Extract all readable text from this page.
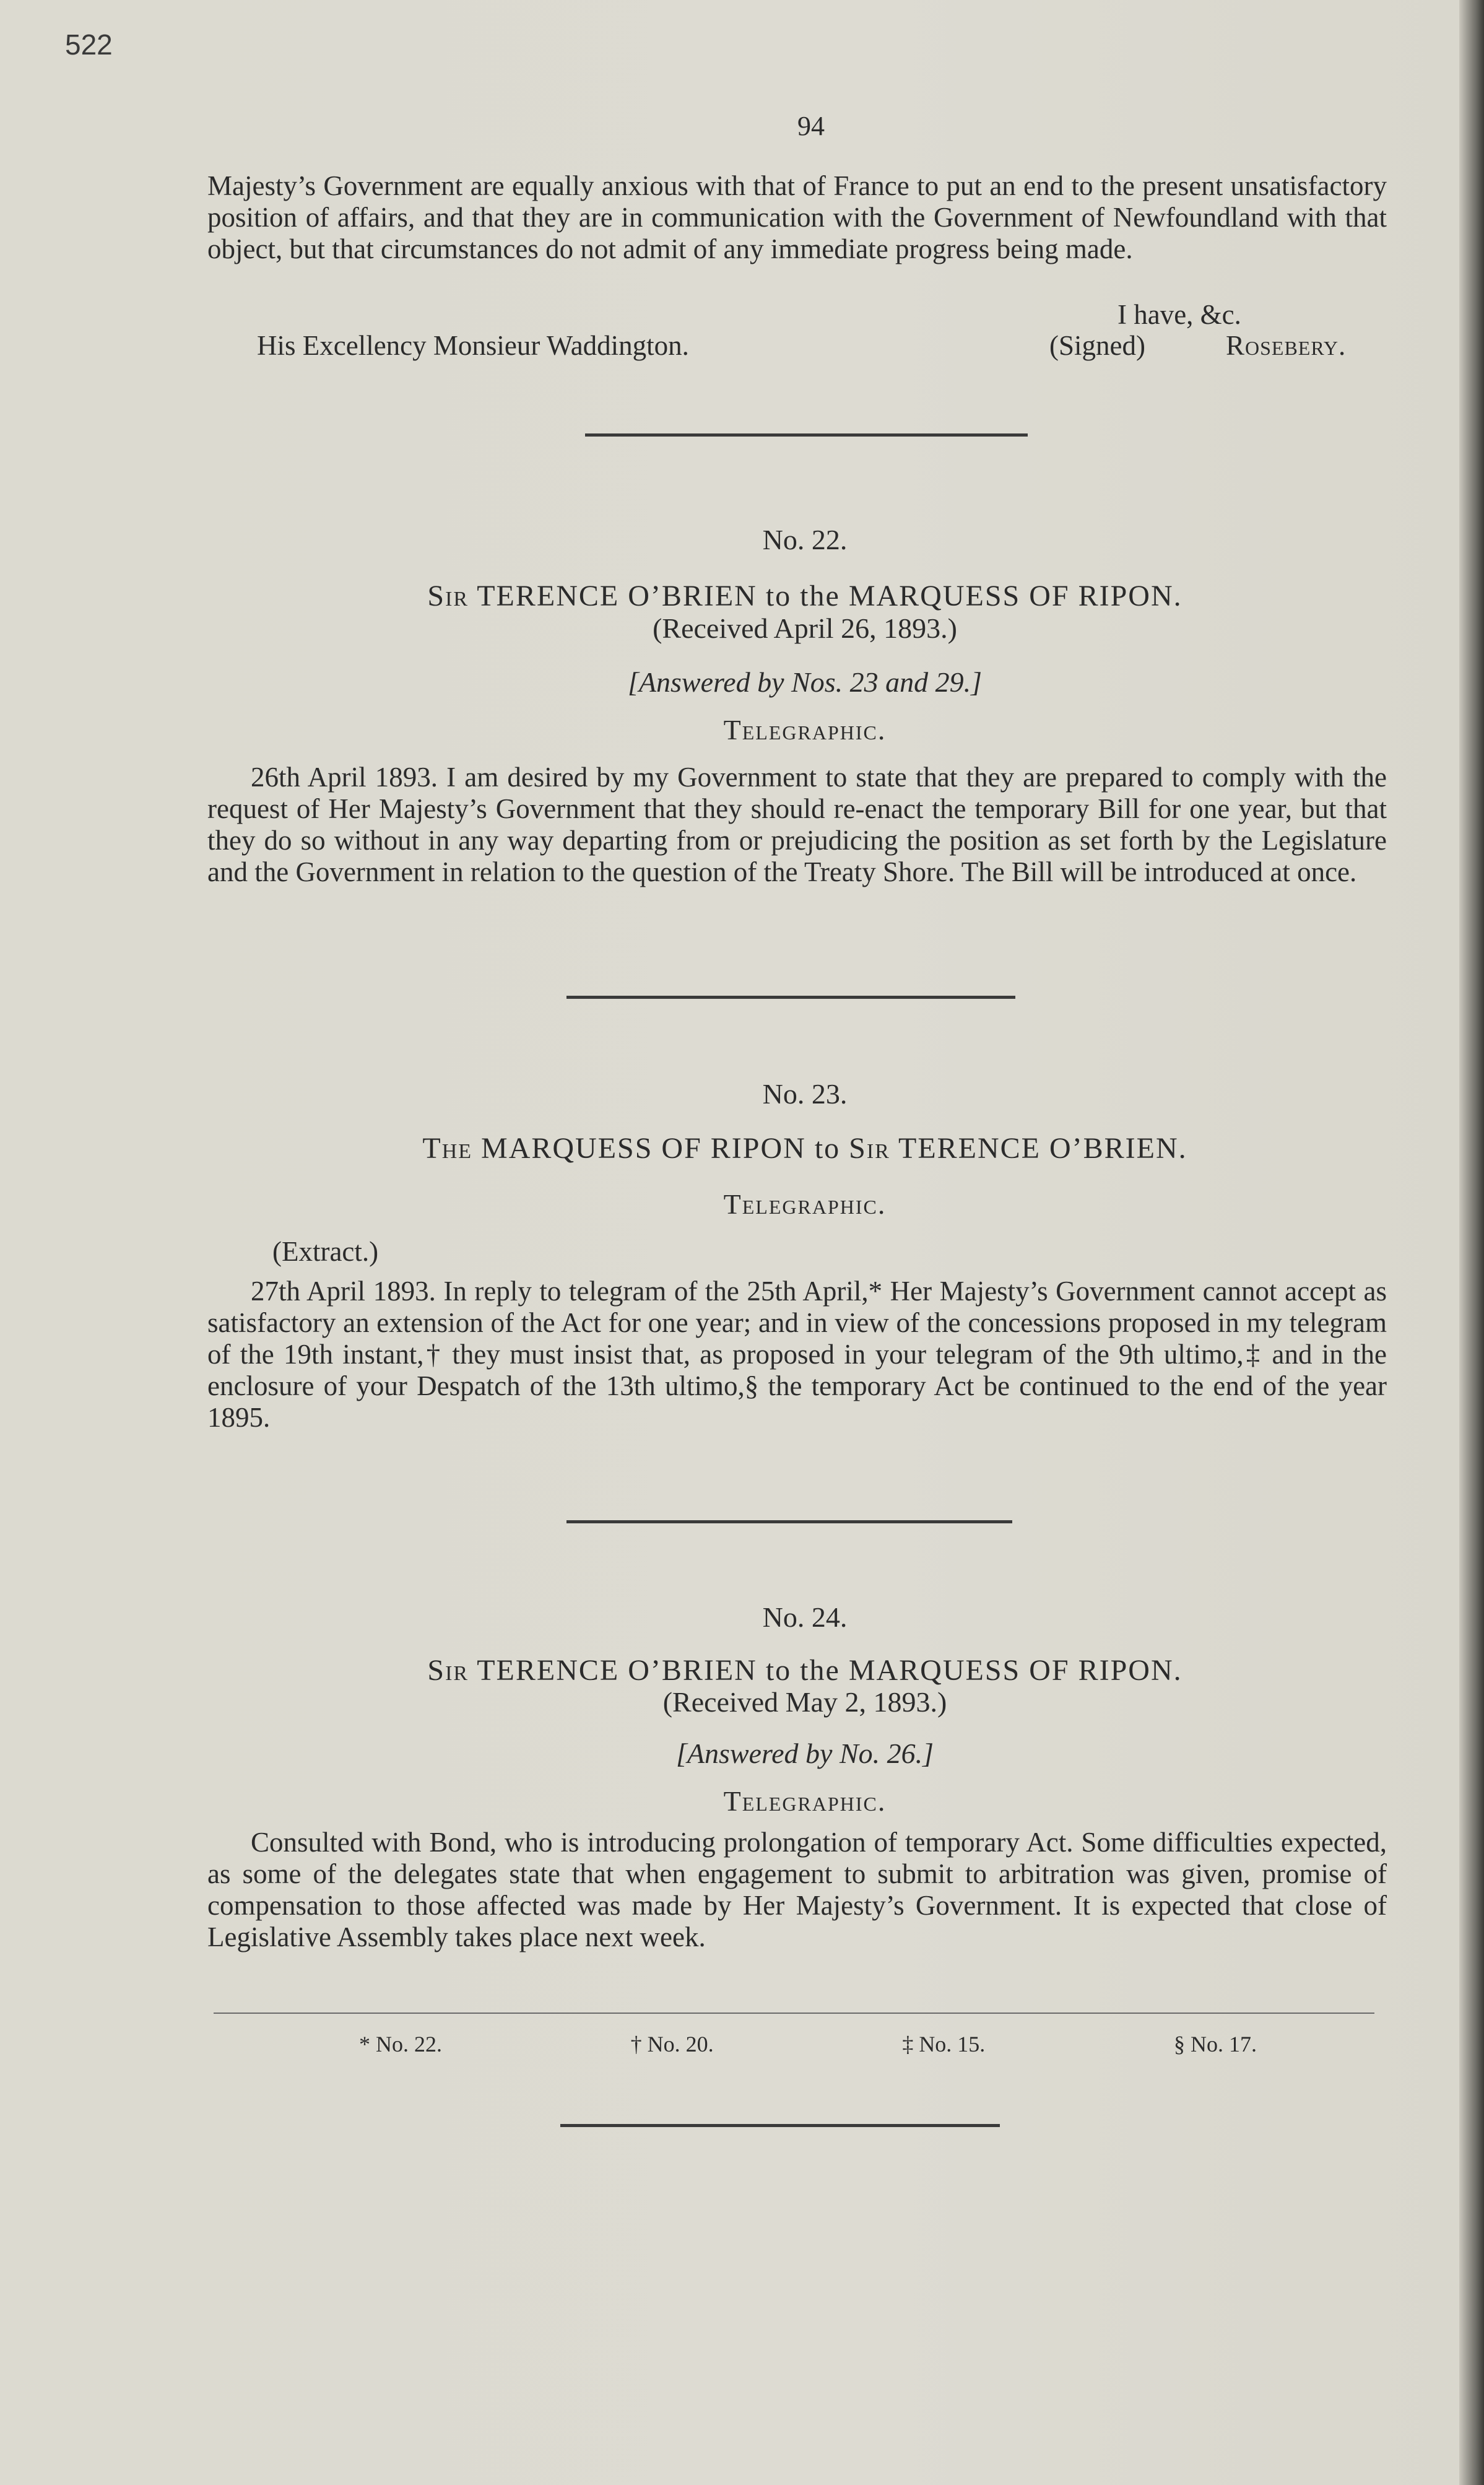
522
94
Majesty’s Government are equally anxious with that of France to put an end to the present unsatisfactory position of affairs, and that they are in communication with the Government of Newfoundland with that object, but that circumstances do not admit of any immediate progress being made.
I have, &c.
His Excellency Monsieur Waddington.	(Signed)	Rosebery.
No. 22.
Sir TERENCE O’BRIEN to the MARQUESS OF RIPON.
(Received April 26, 1893.)
[Answered by Nos. 23 and 29.]
Telegraphic.
26th April 1893. I am desired by my Government to state that they are prepared to comply with the request of Her Majesty’s Government that they should re-enact the temporary Bill for one year, but that they do so without in any way departing from or prejudicing the position as set forth by the Legislature and the Government in relation to the question of the Treaty Shore. The Bill will be introduced at once.
No. 23.
The MARQUESS OF RIPON to Sir TERENCE O’BRIEN.
Telegraphic.
(Extract.)
27th April 1893. In reply to telegram of the 25th April,* Her Majesty’s Government cannot accept as satisfactory an extension of the Act for one year; and in view of the concessions proposed in my telegram of the 19th instant,† they must insist that, as proposed in your telegram of the 9th ultimo,‡ and in the enclosure of your Despatch of the 13th ultimo,§ the temporary Act be continued to the end of the year 1895.
No. 24.
Sir TERENCE O’BRIEN to the MARQUESS OF RIPON.
(Received May 2, 1893.)
[Answered by No. 26.]
Telegraphic.
Consulted with Bond, who is introducing prolongation of temporary Act. Some difficulties expected, as some of the delegates state that when engagement to submit to arbitration was given, promise of compensation to those affected was made by Her Majesty’s Government. It is expected that close of Legislative Assembly takes place next week.
* No. 22.	† No. 20.	‡ No. 15.	§ No. 17.
